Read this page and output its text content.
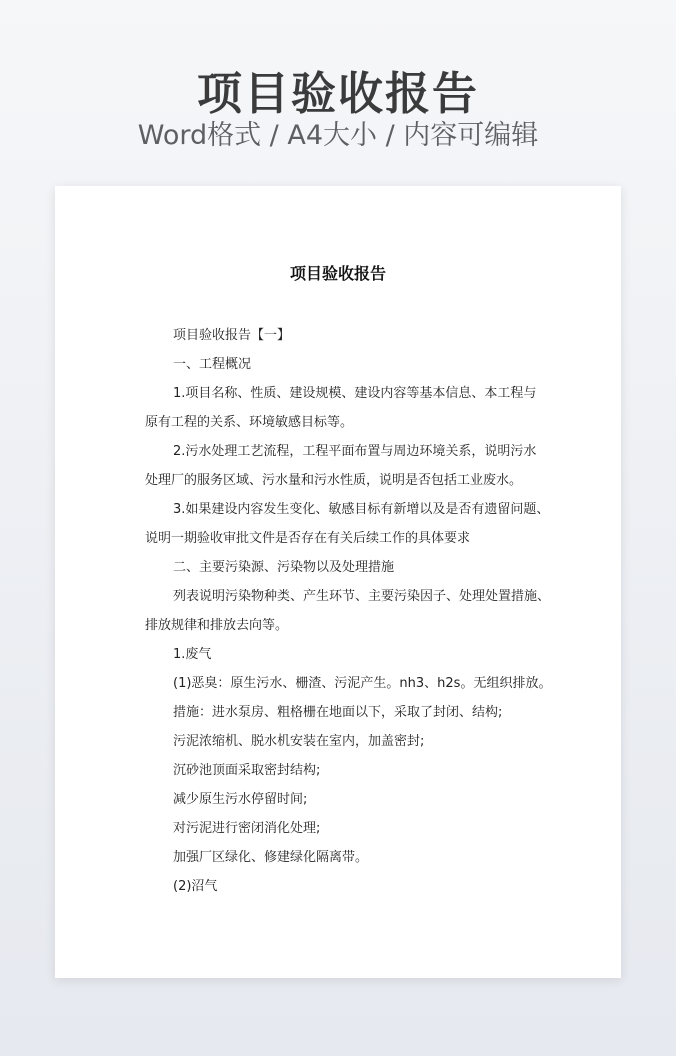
项目验收报告
Word格式 / A4大小 / 内容可编辑
项目验收报告
项目验收报告【一】
一、工程概况
1.项目名称、性质、建设规模、建设内容等基本信息、本工程与
原有工程的关系、环境敏感目标等。
2.污水处理工艺流程，工程平面布置与周边环境关系，说明污水
处理厂的服务区域、污水量和污水性质，说明是否包括工业废水。
3.如果建设内容发生变化、敏感目标有新增以及是否有遗留问题、
说明一期验收审批文件是否存在有关后续工作的具体要求
二、主要污染源、污染物以及处理措施
列表说明污染物种类、产生环节、主要污染因子、处理处置措施、
排放规律和排放去向等。
1.废气
(1)恶臭：原生污水、栅渣、污泥产生。nh3、h2s。无组织排放。
措施：进水泵房、粗格栅在地面以下，采取了封闭、结构;
污泥浓缩机、脱水机安装在室内，加盖密封;
沉砂池顶面采取密封结构;
减少原生污水停留时间;
对污泥进行密闭消化处理;
加强厂区绿化、修建绿化隔离带。
(2)沼气
